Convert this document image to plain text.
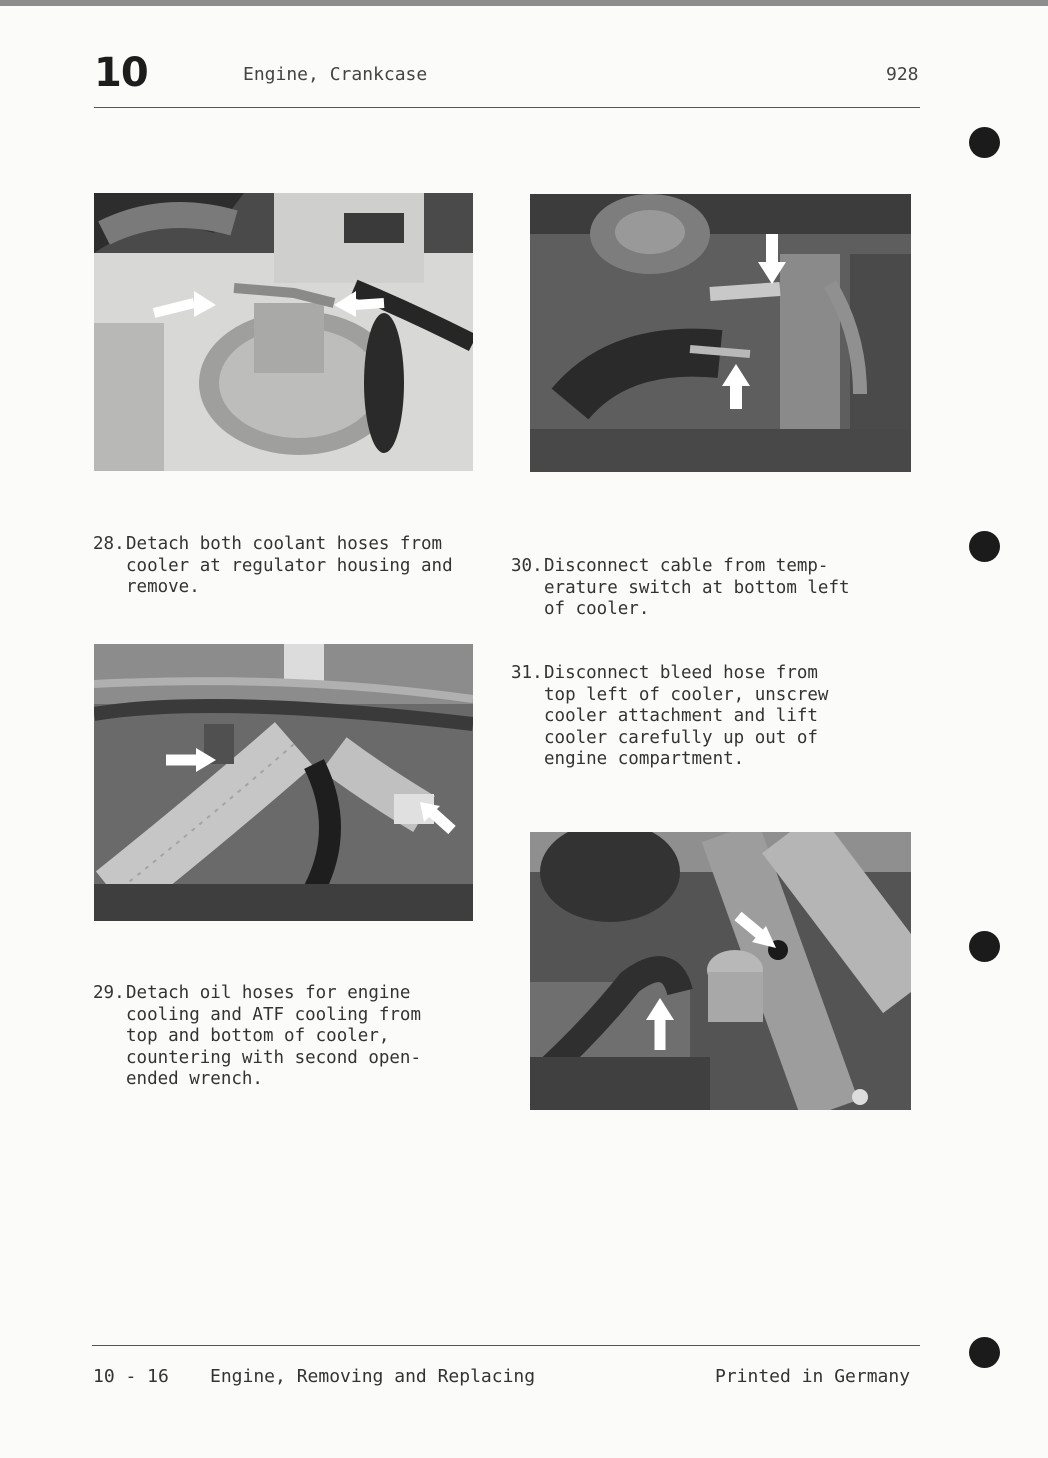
10	Engine, Crankcase	928
28. Detach both coolant hoses from
cooler at regulator housing and
remove.
30. Disconnect cable from temp-
erature switch at bottom left
of cooler.
31. Disconnect bleed hose from
top left of cooler, unscrew
cooler attachment and lift
cooler carefully up out of
engine compartment.
29. Detach oil hoses for engine
cooling and ATF cooling from
top and bottom of cooler,
countering with second open-
ended wrench.
10 - 16 Engine, Removing and Replacing	Printed in Germany
